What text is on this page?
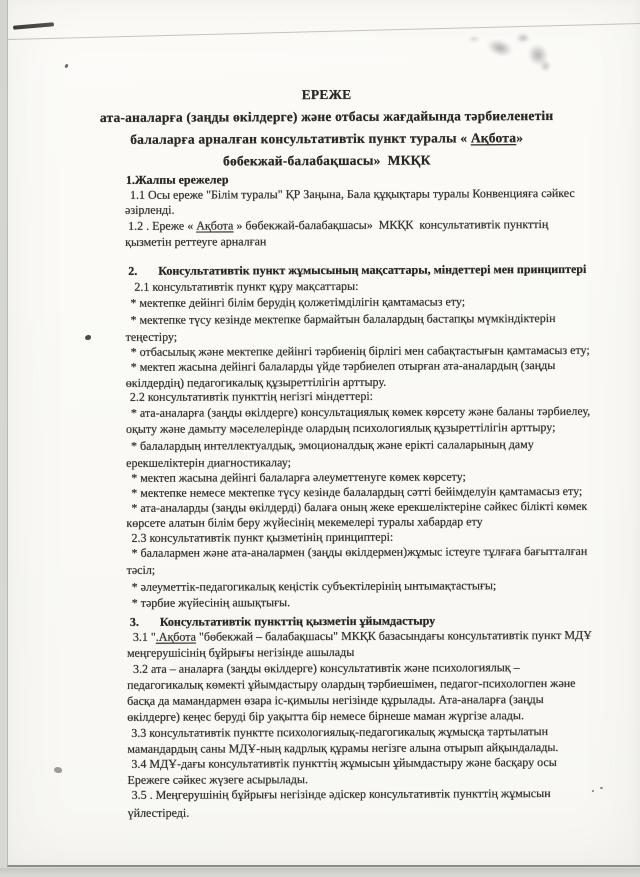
ЕРЕЖЕ
ата-аналарға (заңды өкілдерге) және отбасы жағдайында тәрбиеленетін
балаларға арналған консультативтік пункт туралы « Ақбота»
бөбекжай-балабақшасы»  МКҚК
1.Жалпы ережелер
1.1 Осы ереже "Білім туралы" ҚР Заңына, Бала құқықтары туралы Конвенцияға сәйкес
әзірленді.
1.2 . Ереже « Ақбота » бөбекжай-балабақшасы»  МКҚК  консультативтік пункттің
қызметін реттеуге арналған
2.       Консультативтік пункт жұмысының мақсаттары, міндеттері мен принциптері
2.1 консультативтік пункт құру мақсаттары:
* мектепке дейінгі білім берудің қолжетімділігін қамтамасыз ету;
* мектепке түсу кезінде мектепке бармайтын балалардың бастапқы мүмкіндіктерін
теңестіру;
* отбасылық және мектепке дейінгі тәрбиенің бірлігі мен сабақтастығын қамтамасыз ету;
* мектеп жасына дейінгі балаларды үйде тәрбиелеп отырған ата-аналардың (заңды
өкілдердің) педагогикалық құзыреттілігін арттыру.
2.2 консультативтік пункттің негізгі міндеттері:
* ата-аналарға (заңды өкілдерге) консультациялық көмек көрсету және баланы тәрбиелеу,
оқыту және дамыту мәселелерінде олардың психологиялық құзыреттілігін арттыру;
* балалардың интеллектуалдық, эмоционалдық және ерікті салаларының даму
ерекшеліктерін диагностикалау;
* мектеп жасына дейінгі балаларға әлеуметтенуге көмек көрсету;
* мектепке немесе мектепке түсу кезінде балалардың сәтті бейімделуін қамтамасыз ету;
* ата-аналарды (заңды өкілдерді) балаға оның жеке ерекшеліктеріне сәйкес білікті көмек
көрсете алатын білім беру жүйесінің мекемелері туралы хабардар ету
2.3 консультативтік пункт қызметінің принциптері:
* балалармен және ата-аналармен (заңды өкілдермен)жұмыс істеуге тұлғаға бағытталған
тәсіл;
* әлеуметтік-педагогикалық кеңістік субъектілерінің ынтымақтастығы;
* тәрбие жүйесінің ашықтығы.
3.       Консультативтік пункттің қызметін ұйымдастыру
3.1 ".Ақбота "бөбекжай – балабақшасы" МКҚК базасындағы консультативтік пункт МДҰ
меңгерушісінің бұйрығы негізінде ашылады
3.2 ата – аналарға (заңды өкілдерге) консультативтік және психологиялық –
педагогикалық көмекті ұйымдастыру олардың тәрбиешімен, педагог-психологпен және
басқа да мамандармен өзара іс-қимылы негізінде құрылады. Ата-аналарға (заңды
өкілдерге) кеңес беруді бір уақытта бір немесе бірнеше маман жүргізе алады.
3.3 консультативтік пунктте психологиялық-педагогикалық жұмысқа тартылатын
мамандардың саны МДҰ-ның кадрлық құрамы негізге алына отырып айқындалады.
3.4 МДҰ-дағы консультативтік пункттің жұмысын ұйымдастыру және басқару осы
Ережеге сәйкес жүзеге асырылады.
3.5 . Меңгерушінің бұйрығы негізінде әдіскер консультативтік пункттің жұмысын
үйлестіреді.
